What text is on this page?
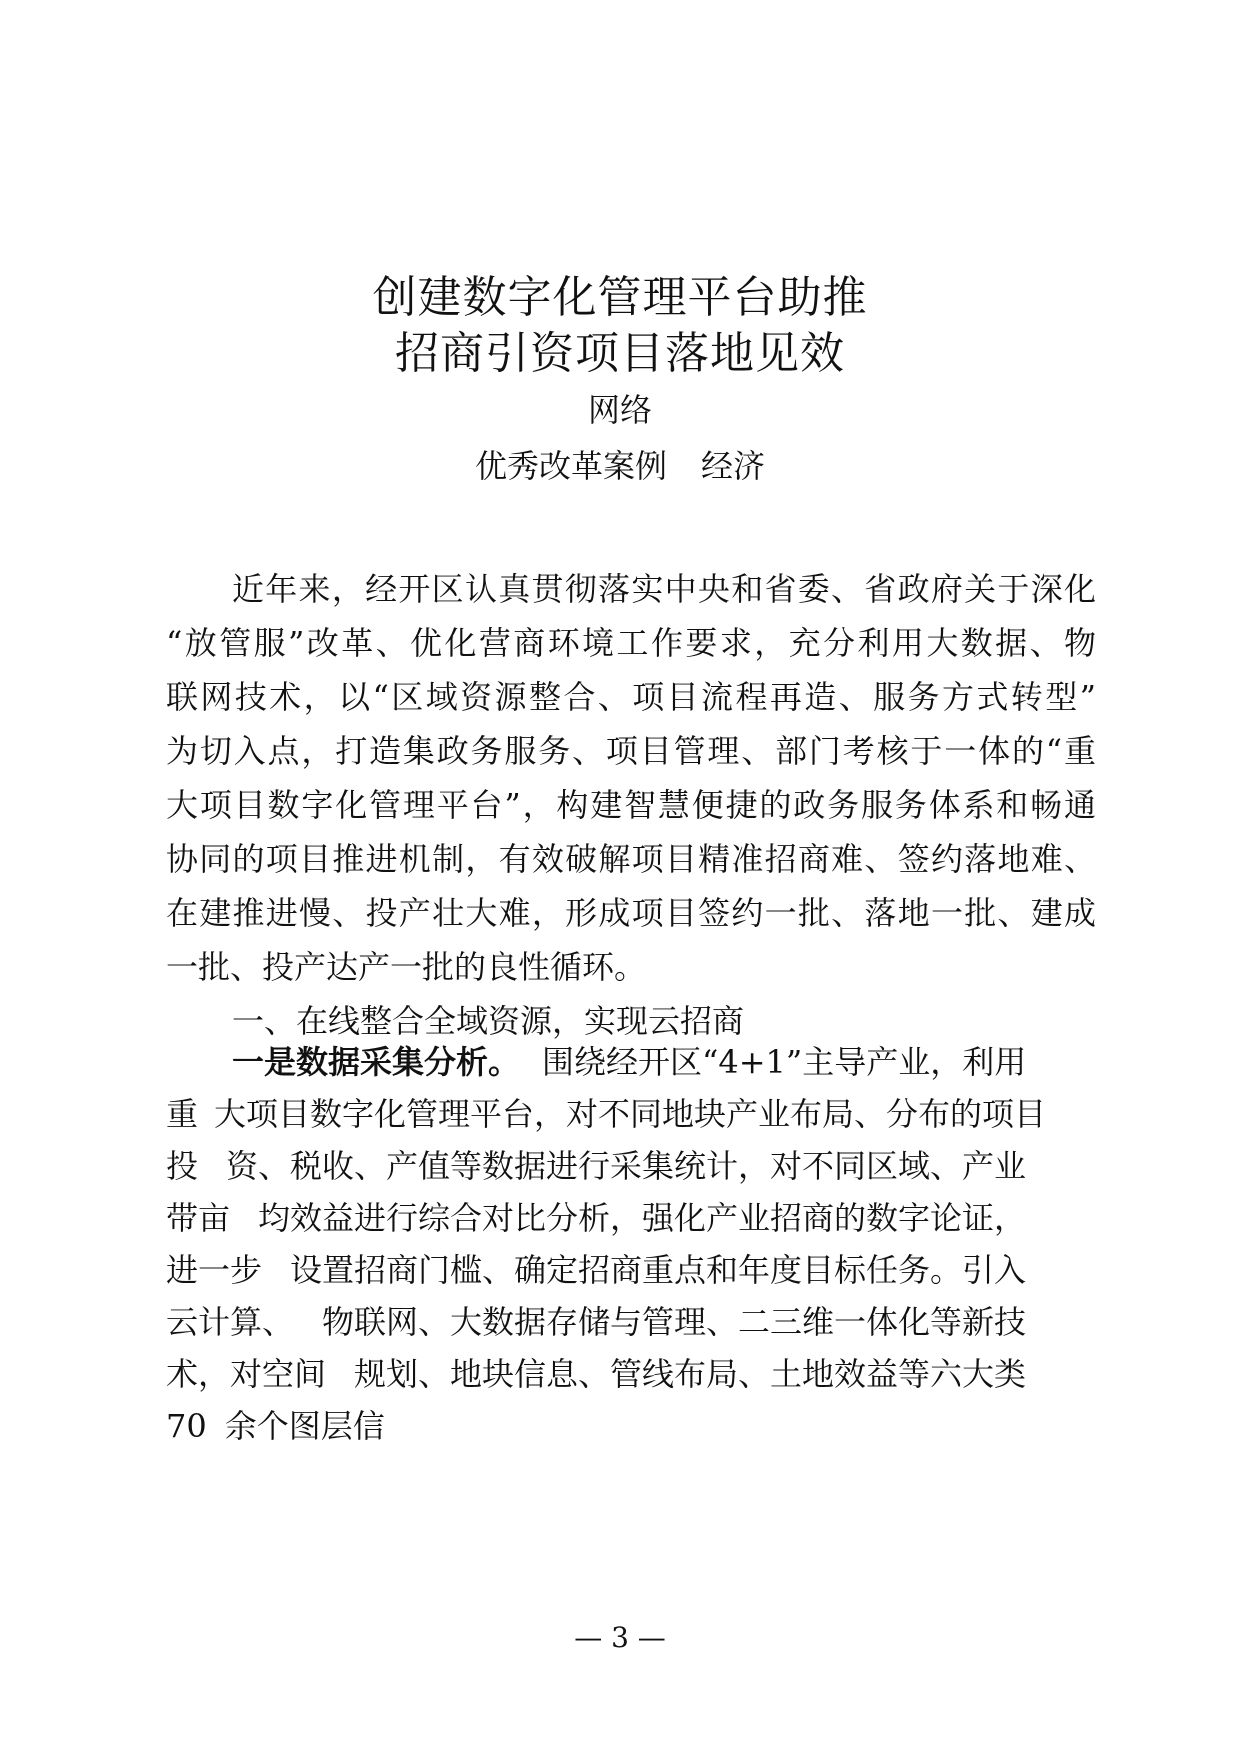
创建数字化管理平台助推
招商引资项目落地见效

网络

优秀改革案例 经济

近年来，经开区认真贯彻落实中央和省委、省政府关于深化

“放管服”改革、优化营商环境工作要求，充分利用大数据、物

联网技术，以“区域资源整合、项目流程再造、服务方式转型”

为切入点，打造集政务服务、项目管理、部门考核于一体的“重

大项目数字化管理平台”，构建智慧便捷的政务服务体系和畅通

协同的项目推进机制，有效破解项目精准招商难、签约落地难、

在建推进慢、投产壮大难，形成项目签约一批、落地一批、建成

一批、投产达产一批的良性循环。

一、在线整合全域资源，实现云招商

一是数据采集分析。 围绕经开区“4+1”主导产业，利用

重 大项目数字化管理平台，对不同地块产业布局、分布的项目

投 资、税收、产值等数据进行采集统计，对不同区域、产业

带亩 均效益进行综合对比分析，强化产业招商的数字论证，

进一步 设置招商门槛、确定招商重点和年度目标任务。引入

云计算、 物联网、大数据存储与管理、二三维一体化等新技

术，对空间 规划、地块信息、管线布局、土地效益等六大类

70 余个图层信

— 3 —
